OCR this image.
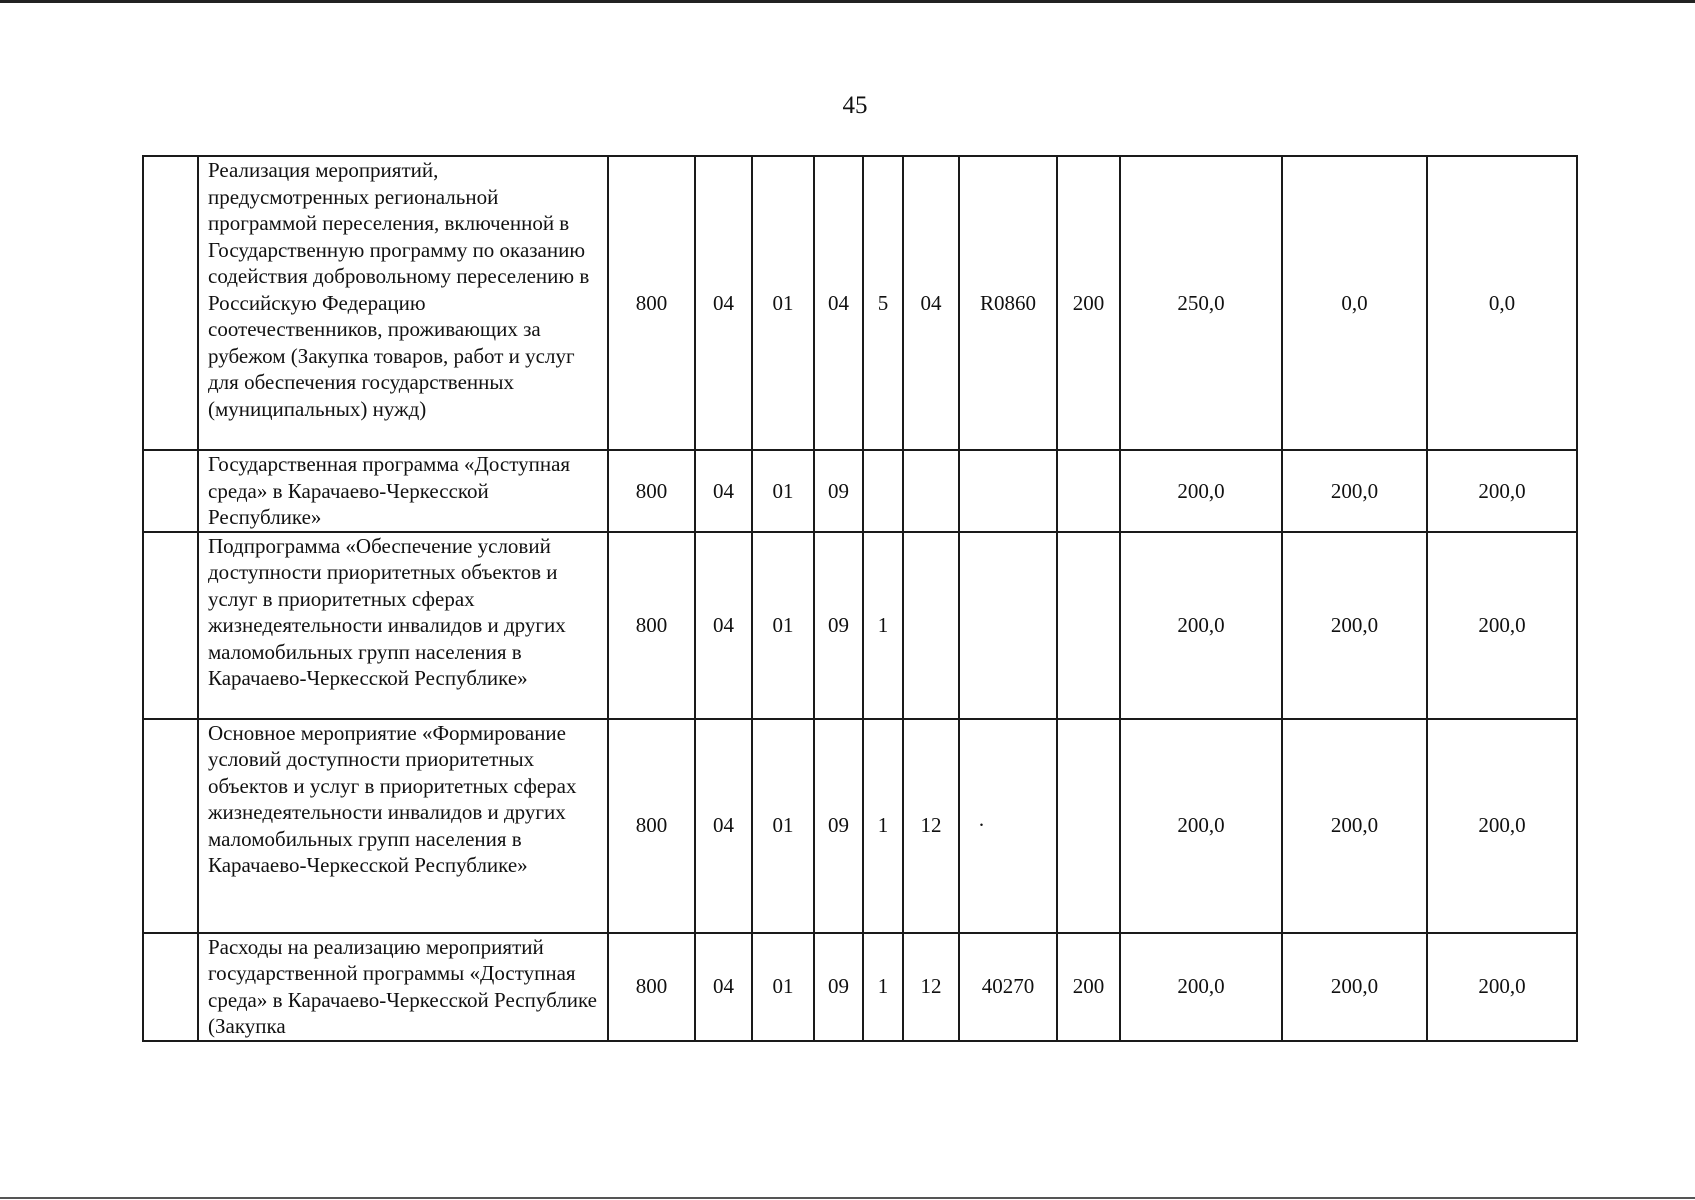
45
	Реализация мероприятий, предусмотренных региональной программой переселения, включенной в Государственную программу по оказанию содействия добровольному переселению в Российскую Федерацию соотечественников, проживающих за рубежом (Закупка товаров, работ и услуг для обеспечения государственных (муниципальных) нужд)	800	04	01	04	5	04	R0860	200	250,0	0,0	0,0
	Государственная программа «Доступная среда» в Карачаево-Черкесской Республике»	800	04	01	09					200,0	200,0	200,0
	Подпрограмма «Обеспечение условий доступности приоритетных объектов и услуг в приоритетных сферах жизнедеятельности инвалидов и других маломобильных групп населения в Карачаево-Черкесской Республике»	800	04	01	09	1				200,0	200,0	200,0
	Основное мероприятие «Формирование условий доступности приоритетных объектов и услуг в приоритетных сферах жизнедеятельности инвалидов и других маломобильных групп населения в Карачаево-Черкесской Республике»	800	04	01	09	1	12	·		200,0	200,0	200,0
	Расходы на реализацию мероприятий государственной программы «Доступная среда» в Карачаево-Черкесской Республике (Закупка	800	04	01	09	1	12	40270	200	200,0	200,0	200,0
